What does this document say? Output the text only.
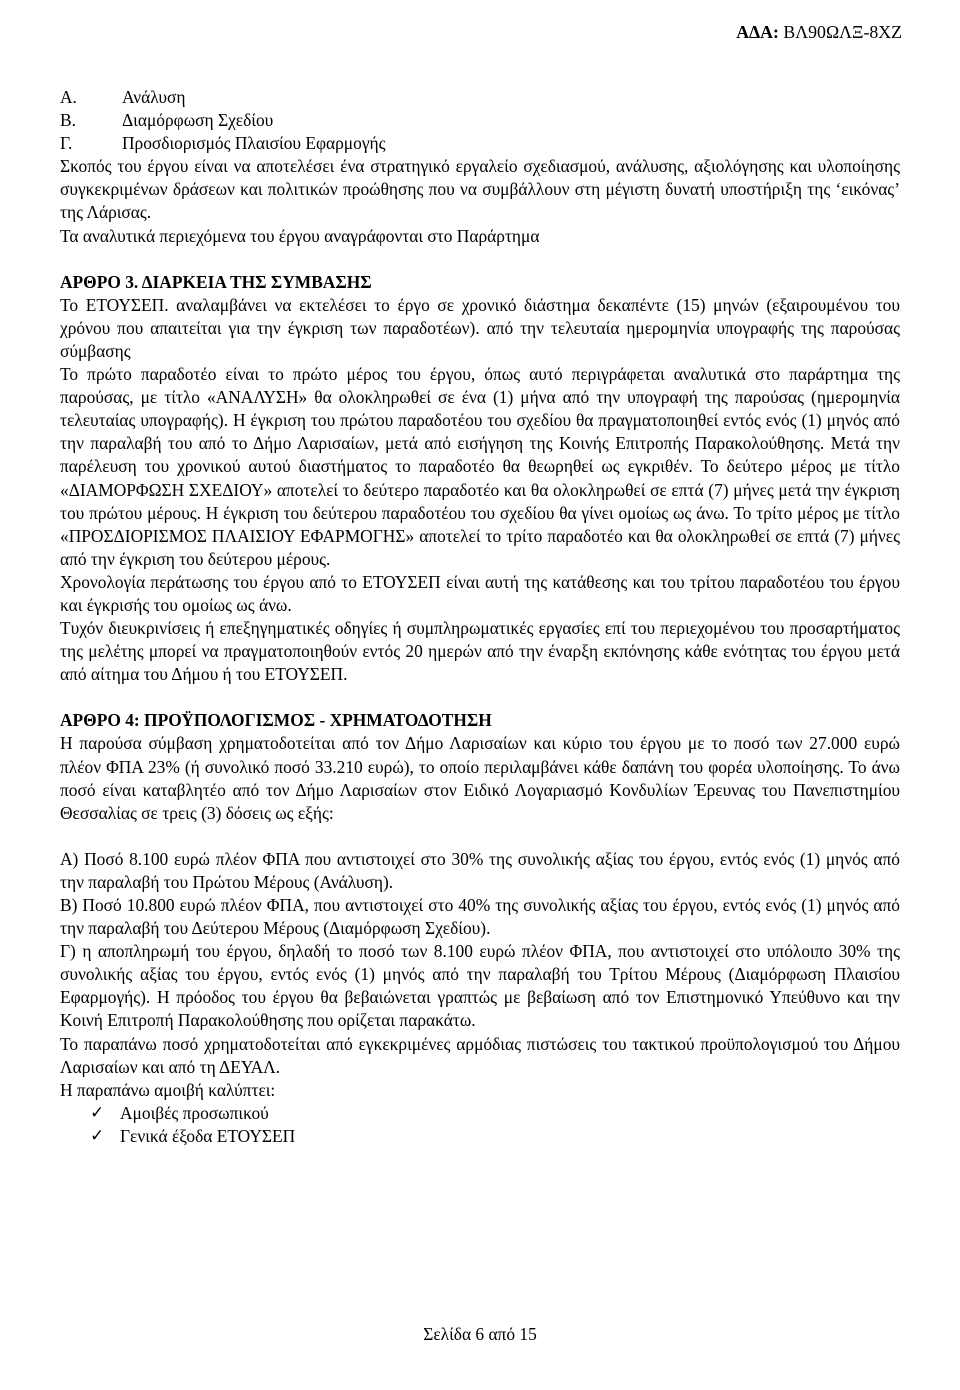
ΑΔΑ: ΒΛ90ΩΛΞ-8ΧΖ
Α.	Ανάλυση
Β.	Διαμόρφωση Σχεδίου
Γ.	Προσδιορισμός Πλαισίου Εφαρμογής
Σκοπός του έργου είναι να αποτελέσει ένα στρατηγικό εργαλείο σχεδιασμού, ανάλυσης, αξιολόγησης και υλοποίησης συγκεκριμένων δράσεων και πολιτικών προώθησης που να συμβάλλουν στη μέγιστη δυνατή υποστήριξη της ‘εικόνας’ της Λάρισας.
Τα αναλυτικά περιεχόμενα του έργου αναγράφονται στο Παράρτημα
ΑΡΘΡΟ 3. ΔΙΑΡΚΕΙΑ ΤΗΣ ΣΥΜΒΑΣΗΣ
Το ΕΤΟΥΣΕΠ. αναλαμβάνει να εκτελέσει το έργο σε χρονικό διάστημα δεκαπέντε (15) μηνών (εξαιρουμένου του χρόνου που απαιτείται για την έγκριση των παραδοτέων). από την τελευταία ημερομηνία υπογραφής της παρούσας σύμβασης
Το πρώτο παραδοτέο είναι το πρώτο μέρος του έργου, όπως αυτό περιγράφεται αναλυτικά στο παράρτημα της παρούσας, με τίτλο «ΑΝΑΛΥΣΗ» θα ολοκληρωθεί σε ένα (1) μήνα από την υπογραφή της παρούσας (ημερομηνία τελευταίας υπογραφής). Η έγκριση του πρώτου παραδοτέου του σχεδίου θα πραγματοποιηθεί εντός ενός (1) μηνός από την παραλαβή του από το Δήμο Λαρισαίων, μετά από εισήγηση της Κοινής Επιτροπής Παρακολούθησης. Μετά την παρέλευση του χρονικού αυτού διαστήματος το παραδοτέο θα θεωρηθεί ως εγκριθέν. Το δεύτερο μέρος με τίτλο «ΔΙΑΜΟΡΦΩΣΗ ΣΧΕΔΙΟΥ» αποτελεί το δεύτερο παραδοτέο και θα ολοκληρωθεί σε επτά (7) μήνες μετά την έγκριση του πρώτου μέρους. Η έγκριση του δεύτερου παραδοτέου του σχεδίου θα γίνει ομοίως ως άνω. Το τρίτο μέρος με τίτλο «ΠΡΟΣΔΙΟΡΙΣΜΟΣ ΠΛΑΙΣΙΟΥ ΕΦΑΡΜΟΓΗΣ» αποτελεί το τρίτο παραδοτέο και θα ολοκληρωθεί σε επτά (7) μήνες από την έγκριση του δεύτερου μέρους.
Χρονολογία περάτωσης του έργου από το ΕΤΟΥΣΕΠ είναι αυτή της κατάθεσης και του τρίτου παραδοτέου του έργου και έγκρισής του ομοίως ως άνω.
Τυχόν διευκρινίσεις ή επεξηγηματικές οδηγίες ή συμπληρωματικές εργασίες επί του περιεχομένου του προσαρτήματος της μελέτης μπορεί να πραγματοποιηθούν εντός 20 ημερών από την έναρξη εκπόνησης κάθε ενότητας του έργου μετά από αίτημα του Δήμου ή του ΕΤΟΥΣΕΠ.
ΑΡΘΡΟ 4: ΠΡΟΫΠΟΛΟΓΙΣΜΟΣ - ΧΡΗΜΑΤΟΔΟΤΗΣΗ
Η παρούσα σύμβαση χρηματοδοτείται από τον Δήμο Λαρισαίων και κύριο του έργου με το ποσό των 27.000 ευρώ πλέον ΦΠΑ 23% (ή συνολικό ποσό 33.210 ευρώ), το οποίο περιλαμβάνει κάθε δαπάνη του φορέα υλοποίησης. Το άνω ποσό είναι καταβλητέο από τον Δήμο Λαρισαίων στον Ειδικό Λογαριασμό Κονδυλίων Έρευνας του Πανεπιστημίου Θεσσαλίας σε τρεις (3) δόσεις ως εξής:
Α) Ποσό 8.100 ευρώ πλέον ΦΠΑ που αντιστοιχεί στο 30% της συνολικής αξίας του έργου, εντός ενός (1) μηνός από την παραλαβή του Πρώτου Μέρους (Ανάλυση).
Β) Ποσό 10.800 ευρώ πλέον ΦΠΑ, που αντιστοιχεί στο 40% της συνολικής αξίας του έργου, εντός ενός (1) μηνός από την παραλαβή του Δεύτερου Μέρους (Διαμόρφωση Σχεδίου).
Γ) η αποπληρωμή του έργου, δηλαδή το ποσό των 8.100 ευρώ πλέον ΦΠΑ, που αντιστοιχεί στο υπόλοιπο 30% της συνολικής αξίας του έργου, εντός ενός (1) μηνός από την παραλαβή του Τρίτου Μέρους (Διαμόρφωση Πλαισίου Εφαρμογής). Η πρόοδος του έργου θα βεβαιώνεται γραπτώς με βεβαίωση από τον Επιστημονικό Υπεύθυνο και την Κοινή Επιτροπή Παρακολούθησης που ορίζεται παρακάτω.
Το παραπάνω ποσό χρηματοδοτείται από εγκεκριμένες αρμόδιας πιστώσεις του τακτικού προϋπολογισμού του Δήμου Λαρισαίων και από τη ΔΕΥΑΛ.
Η παραπάνω αμοιβή καλύπτει:
✓ Αμοιβές προσωπικού
✓ Γενικά έξοδα ΕΤΟΥΣΕΠ
Σελίδα 6 από 15
